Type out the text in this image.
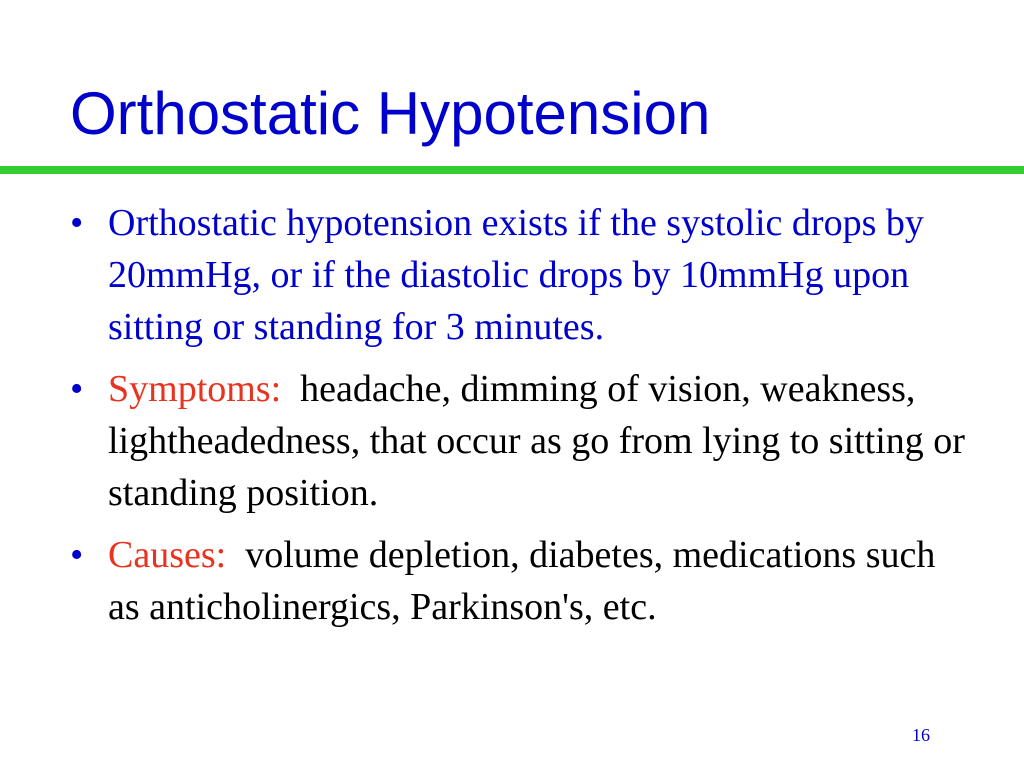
Orthostatic Hypotension
• Orthostatic hypotension exists if the systolic drops by 20mmHg, or if the diastolic drops by 10mmHg upon sitting or standing for 3 minutes.
• Symptoms: headache, dimming of vision, weakness, lightheadedness, that occur as go from lying to sitting or standing position.
• Causes: volume depletion, diabetes, medications such as anticholinergics, Parkinson's, etc.
16
